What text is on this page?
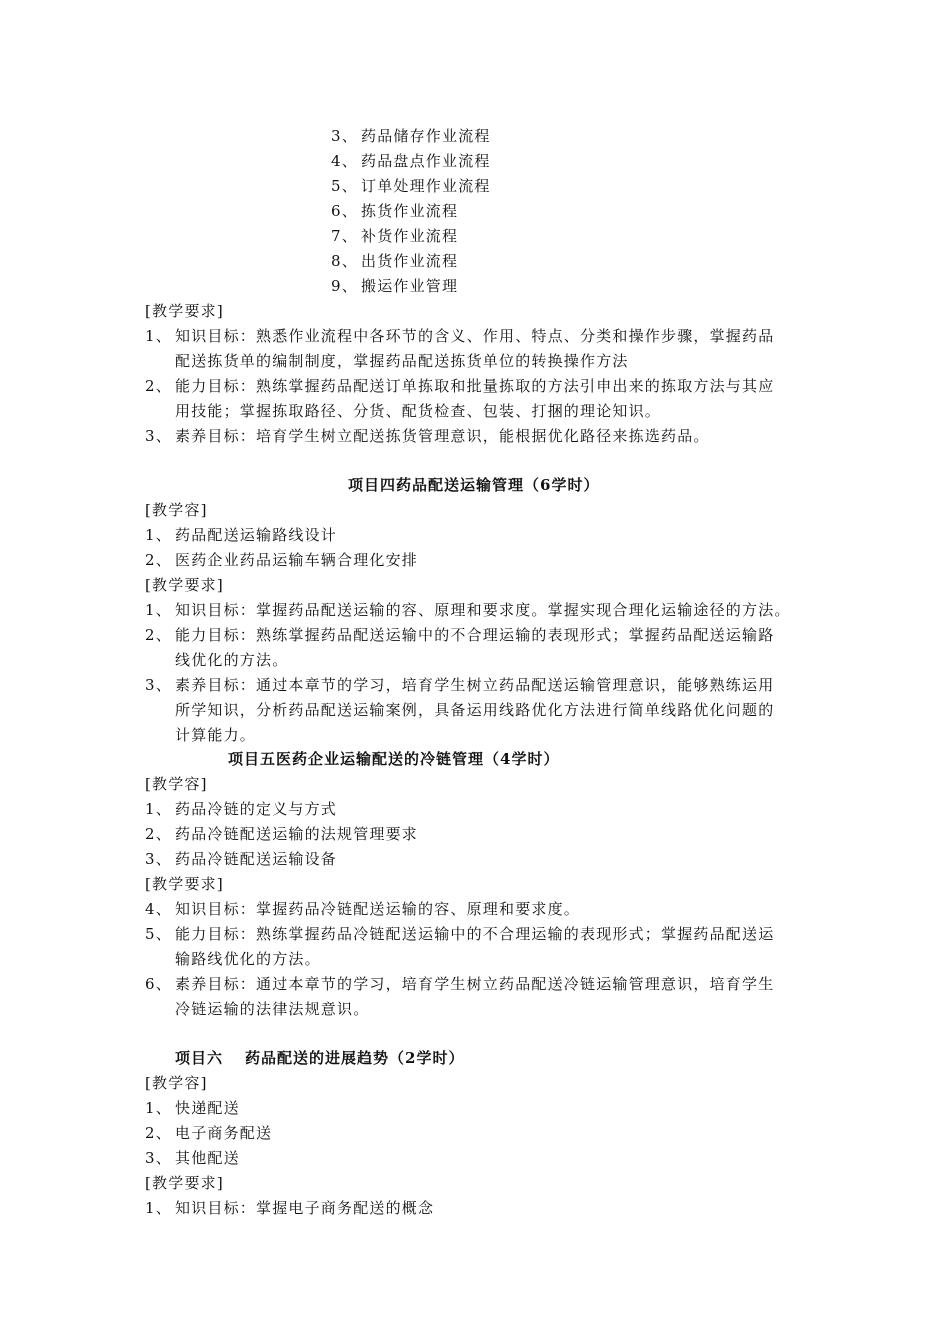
3、 药品储存作业流程
4、 药品盘点作业流程
5、 订单处理作业流程
6、 拣货作业流程
7、 补货作业流程
8、 出货作业流程
9、 搬运作业管理
[教学要求]
1、 知识目标：熟悉作业流程中各环节的含义、作用、特点、分类和操作步骤，掌握药品
配送拣货单的编制制度，掌握药品配送拣货单位的转换操作方法
2、 能力目标：熟练掌握药品配送订单拣取和批量拣取的方法引申出来的拣取方法与其应
用技能；掌握拣取路径、分货、配货检查、包装、打捆的理论知识。
3、 素养目标：培育学生树立配送拣货管理意识，能根据优化路径来拣选药品。
项目四药品配送运输管理（6学时）
[教学容]
1、 药品配送运输路线设计
2、 医药企业药品运输车辆合理化安排
[教学要求]
1、 知识目标：掌握药品配送运输的容、原理和要求度。掌握实现合理化运输途径的方法。
2、 能力目标：熟练掌握药品配送运输中的不合理运输的表现形式；掌握药品配送运输路
线优化的方法。
3、 素养目标：通过本章节的学习，培育学生树立药品配送运输管理意识，能够熟练运用
所学知识，分析药品配送运输案例，具备运用线路优化方法进行简单线路优化问题的
计算能力。
项目五医药企业运输配送的冷链管理（4学时）
[教学容]
1、 药品冷链的定义与方式
2、 药品冷链配送运输的法规管理要求
3、 药品冷链配送运输设备
[教学要求]
4、 知识目标：掌握药品冷链配送运输的容、原理和要求度。
5、 能力目标：熟练掌握药品冷链配送运输中的不合理运输的表现形式；掌握药品配送运
输路线优化的方法。
6、 素养目标：通过本章节的学习，培育学生树立药品配送冷链运输管理意识，培育学生
冷链运输的法律法规意识。
项目六 药品配送的进展趋势（2学时）
[教学容]
1、 快递配送
2、 电子商务配送
3、 其他配送
[教学要求]
1、 知识目标：掌握电子商务配送的概念
